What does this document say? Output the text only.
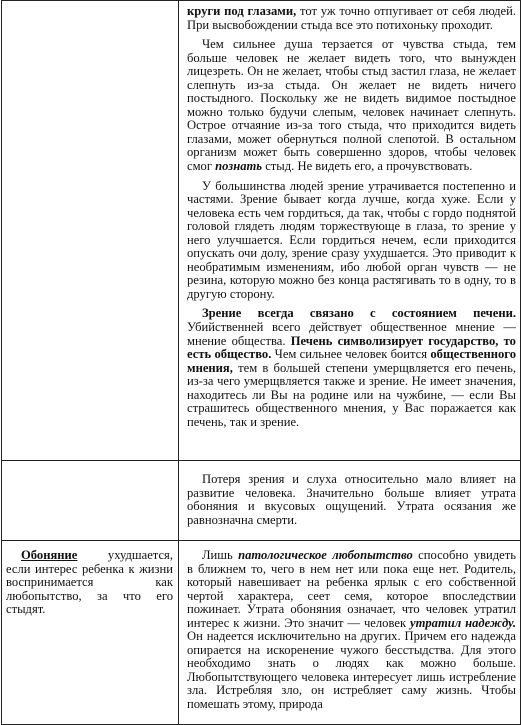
	круги под глазами, тот уж точно отпугивает от себя людей. При высвобождении стыда все это потихоньку проходит.

Чем сильнее душа терзается от чувства стыда, тем больше человек не желает видеть того, что вынужден лицезреть. Он не желает, чтобы стыд застил глаза, не желает слепнуть из-за стыда. Он желает не видеть ничего постыдного. Поскольку же не видеть видимое постыдное можно только будучи слепым, человек начинает слепнуть. Острое отчаяние из-за того стыда, что приходится видеть глазами, может обернуться полной слепотой. В остальном организм может быть совершенно здоров, чтобы человек смог познать стыд. Не видеть его, а прочувствовать.

У большинства людей зрение утрачивается постепенно и частями. Зрение бывает когда лучше, когда хуже. Если у человека есть чем гордиться, да так, чтобы с гордо поднятой головой глядеть людям торжествующе в глаза, то зрение у него улучшается. Если гордиться нечем, если приходится опускать очи долу, зрение сразу ухудшается. Это приводит к необратимым изменениям, ибо любой орган чувств — не резина, которую можно без конца растягивать то в одну, то в другую сторону.

Зрение всегда связано с состоянием печени. Убийственней всего действует общественное мнение — мнение общества. Печень символизирует государство, то есть общество. Чем сильнее человек боится общественного мнения, тем в большей степени умерщвляется его печень, из-за чего умерщвляется также и зрение. Не имеет значения, находитесь ли Вы на родине или на чужбине, — если Вы страшитесь общественного мнения, у Вас поражается как печень, так и зрение.

	Потеря зрения и слуха относительно мало влияет на развитие человека. Значительно больше влияет утрата обоняния и вкусовых ощущений. Утрата осязания же равнозначна смерти.

Обоняние ухудшается, если интерес ребенка к жизни воспринимается как любопытство, за что его стыдят.	Лишь патологическое любопытство способно увидеть в ближнем то, чего в нем нет или пока еще нет. Родитель, который навешивает на ребенка ярлык с его собственной чертой характера, сеет семя, которое впоследствии пожинает. Утрата обоняния означает, что человек утратил интерес к жизни. Это значит — человек утратил надежду. Он надеется исключительно на других. Причем его надежда опирается на искоренение чужого бесстыдства. Для этого необходимо знать о людях как можно больше. Любопытствующего человека интересует лишь истребление зла. Истребляя зло, он истребляет саму жизнь. Чтобы помешать этому, природа
